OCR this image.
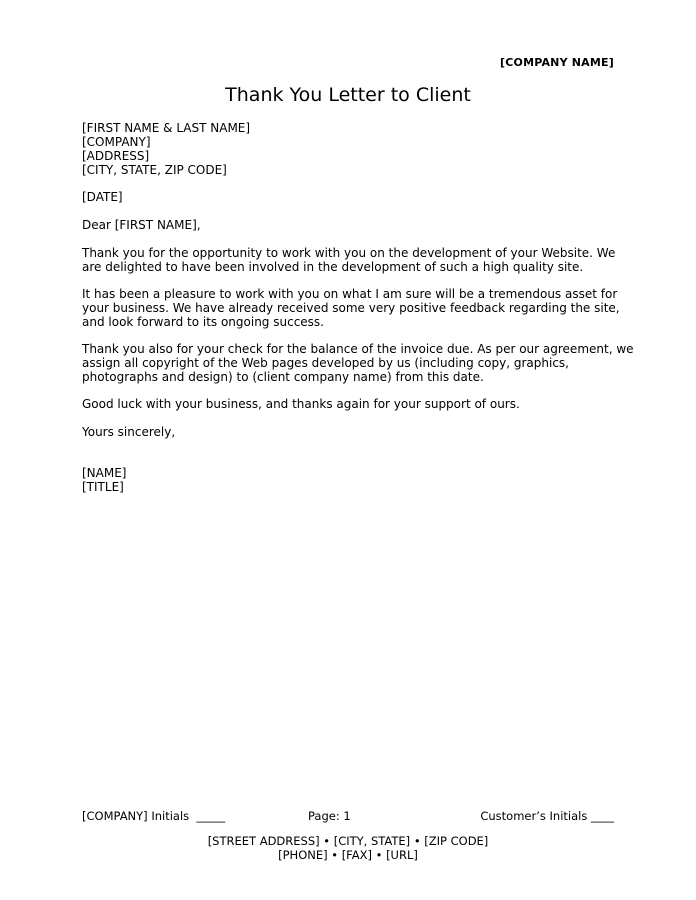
[COMPANY NAME]
Thank You Letter to Client
[FIRST NAME & LAST NAME]
[COMPANY]
[ADDRESS]
[CITY, STATE, ZIP CODE]
[DATE]
Dear [FIRST NAME],
Thank you for the opportunity to work with you on the development of your Website. We
are delighted to have been involved in the development of such a high quality site.
It has been a pleasure to work with you on what I am sure will be a tremendous asset for
your business. We have already received some very positive feedback regarding the site,
and look forward to its ongoing success.
Thank you also for your check for the balance of the invoice due. As per our agreement, we
assign all copyright of the Web pages developed by us (including copy, graphics,
photographs and design) to (client company name) from this date.
Good luck with your business, and thanks again for your support of ours.
Yours sincerely,
[NAME]
[TITLE]
[COMPANY] Initials  _____	Page: 1	Customer’s Initials ____
[STREET ADDRESS] • [CITY, STATE] • [ZIP CODE]
[PHONE] • [FAX] • [URL]
